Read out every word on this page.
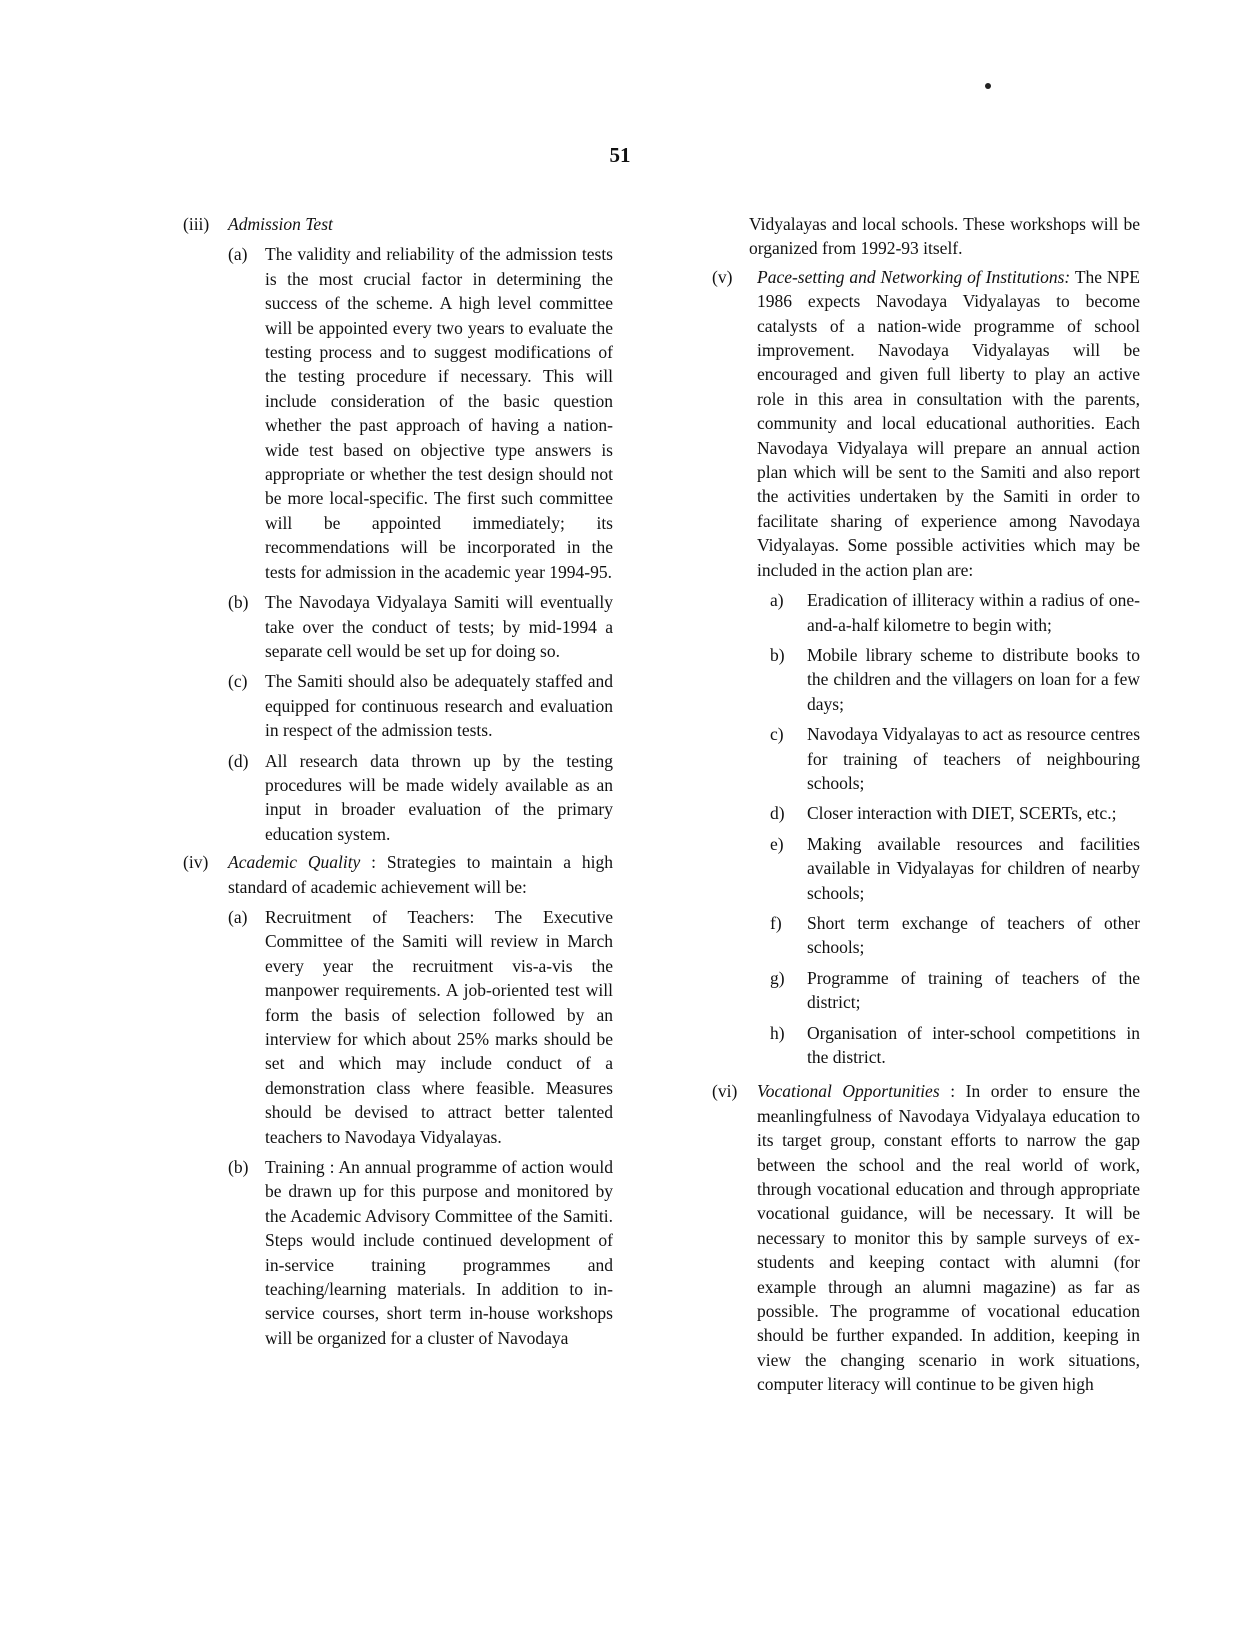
51
(iii)	Admission Test
(a)	The validity and reliability of the admission tests is the most crucial factor in determining the success of the scheme. A high level committee will be appointed every two years to evaluate the testing process and to suggest modifications of the testing procedure if necessary. This will include consideration of the basic question whether the past approach of having a nation-wide test based on objective type answers is appropriate or whether the test design should not be more local-specific. The first such committee will be appointed immediately; its recommendations will be incorporated in the tests for admission in the academic year 1994-95.
(b) The Navodaya Vidyalaya Samiti will eventually take over the conduct of tests; by mid-1994 a separate cell would be set up for doing so.
(c)	The Samiti should also be adequately staffed and equipped for continuous research and evaluation in respect of the admission tests.
(d) All research data thrown up by the testing procedures will be made widely available as an input in broader evaluation of the primary education system.
(iv)	Academic Quality : Strategies to maintain a high standard of academic achievement will be:
(a)	Recruitment of Teachers: The Executive Committee of the Samiti will review in March every year the recruitment vis-a-vis the manpower requirements. A job-oriented test will form the basis of selection followed by an interview for which about 25% marks should be set and which may include conduct of a demonstration class where feasible. Measures should be devised to attract better talented teachers to Navodaya Vidyalayas.
(b) Training : An annual programme of action would be drawn up for this purpose and monitored by the Academic Advisory Committee of the Samiti. Steps would include continued development of in-service training programmes and teaching/learning materials. In addition to in-service courses, short term in-house workshops will be organized for a cluster of Navodaya
Vidyalayas and local schools. These workshops will be organized from 1992-93 itself.
(v)	Pace-setting and Networking of Institutions: The NPE 1986 expects Navodaya Vidyalayas to become catalysts of a nation-wide programme of school improvement. Navodaya Vidyalayas will be encouraged and given full liberty to play an active role in this area in consultation with the parents, community and local educational authorities. Each Navodaya Vidyalaya will prepare an annual action plan which will be sent to the Samiti and also report the activities undertaken by the Samiti in order to facilitate sharing of experience among Navodaya Vidyalayas. Some possible activities which may be included in the action plan are:
a)	Eradication of illiteracy within a radius of one-and-a-half kilometre to begin with;
b)	Mobile library scheme to distribute books to the children and the villagers on loan for a few days;
c)	Navodaya Vidyalayas to act as resource centres for training of teachers of neighbouring schools;
d)	Closer interaction with DIET, SCERTs, etc.;
e)	Making available resources and facilities available in Vidyalayas for children of nearby schools;
f)	Short term exchange of teachers of other schools;
g)	Programme of training of teachers of the district;
h)	Organisation of inter-school competitions in the district.
(vi)	Vocational Opportunities : In order to ensure the meanlingfulness of Navodaya Vidyalaya education to its target group, constant efforts to narrow the gap between the school and the real world of work, through vocational education and through appropriate vocational guidance, will be necessary. It will be necessary to monitor this by sample surveys of ex-students and keeping contact with alumni (for example through an alumni magazine) as far as possible. The programme of vocational education should be further expanded. In addition, keeping in view the changing scenario in work situations, computer literacy will continue to be given high
